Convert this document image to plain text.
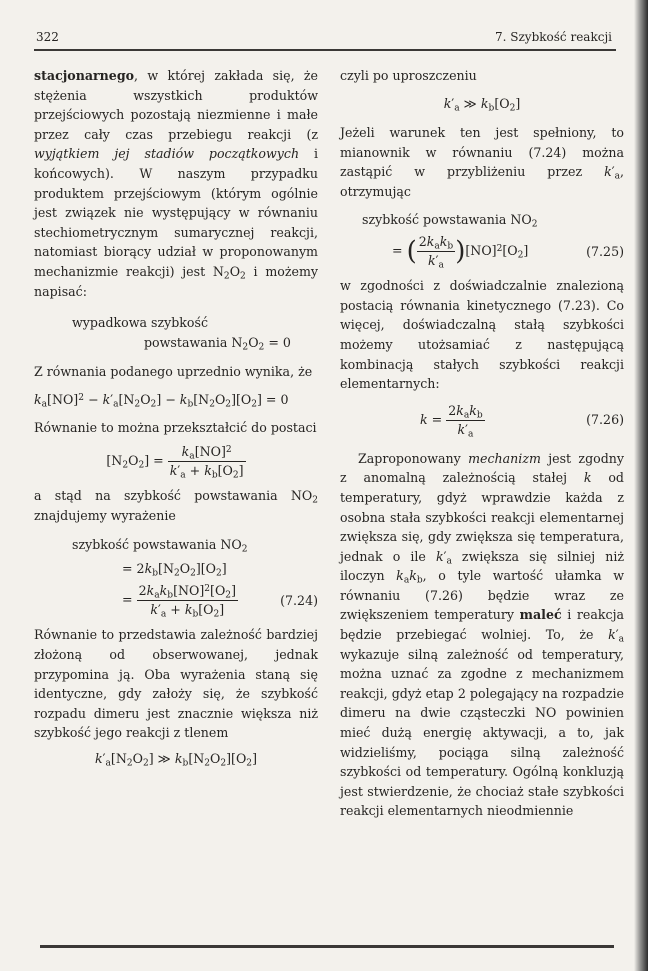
322	7. Szybkość reakcji

stacjonarnego, w której zakłada się, że stężenia wszystkich produktów przejściowych pozostają niezmienne i małe przez cały czas przebiegu reakcji (z wyjątkiem jej stadiów początkowych i końcowych). W naszym przypadku produktem przejściowym (którym ogólnie jest związek nie występujący w równaniu stechiometrycznym sumarycznej reakcji, natomiast biorący udział w proponowanym mechanizmie reakcji) jest $N_2O_2$ i możemy napisać:

wypadkowa szybkość
powstawania $N_2O_2 = 0$

Z równania podanego uprzednio wynika, że

$k_a[NO]^2 - k'_a[N_2O_2] - k_b[N_2O_2][O_2] = 0$

Równanie to można przekształcić do postaci

$[N_2O_2] = \frac{k_a[NO]^2}{k'_a + k_b[O_2]}$

a stąd na szybkość powstawania $NO_2$ znajdujemy wyrażenie

szybkość powstawania $NO_2$
= $2k_b[N_2O_2][O_2]$
= $\frac{2k_ak_b[NO]^2[O_2]}{k'_a + k_b[O_2]}$	(7.24)

Równanie to przedstawia zależność bardziej złożoną od obserwowanej, jednak przypomina ją. Oba wyrażenia staną się identyczne, gdy założy się, że szybkość rozpadu dimeru jest znacznie większa niż szybkość jego reakcji z tlenem

$k'_a[N_2O_2]$ ≫ $k_b[N_2O_2][O_2]$

czyli po uproszczeniu

$k'_a$ ≫ $k_b[O_2]$

Jeżeli warunek ten jest spełniony, to mianownik w równaniu (7.24) można zastąpić w przybliżeniu przez $k'_a$, otrzymując

szybkość powstawania $NO_2$
= ( $\frac{2k_ak_b}{k'_a} )[NO]^2[O_2]$	(7.25)

w zgodności z doświadczalnie znalezioną postacią równania kinetycznego (7.23). Co więcej, doświadczalną stałą szybkości możemy utożsamiać z następującą kombinacją stałych szybkości reakcji elementarnych:

$k = \frac{2k_ak_b}{k'_a}$	(7.26)

Zaproponowany mechanizm jest zgodny z anomalną zależnością stałej k od temperatury, gdyż wprawdzie każda z osobna stała szybkości reakcji elementarnej zwiększa się, gdy zwiększa się temperatura, jednak o ile $k'_a$ zwiększa się silniej niż iloczyn $k_ak_b$, o tyle wartość ułamka w równaniu (7.26) będzie wraz ze zwiększeniem temperatury maleć i reakcja będzie przebiegać wolniej. To, że $k'_a$ wykazuje silną zależność od temperatury, można uznać za zgodne z mechanizmem reakcji, gdyż etap 2 polegający na rozpadzie dimeru na dwie cząsteczki NO powinien mieć dużą energię aktywacji, a to, jak widzieliśmy, pociąga silną zależność szybkości od temperatury. Ogólną konkluzją jest stwierdzenie, że chociaż stałe szybkości reakcji elementarnych nieodmiennie
